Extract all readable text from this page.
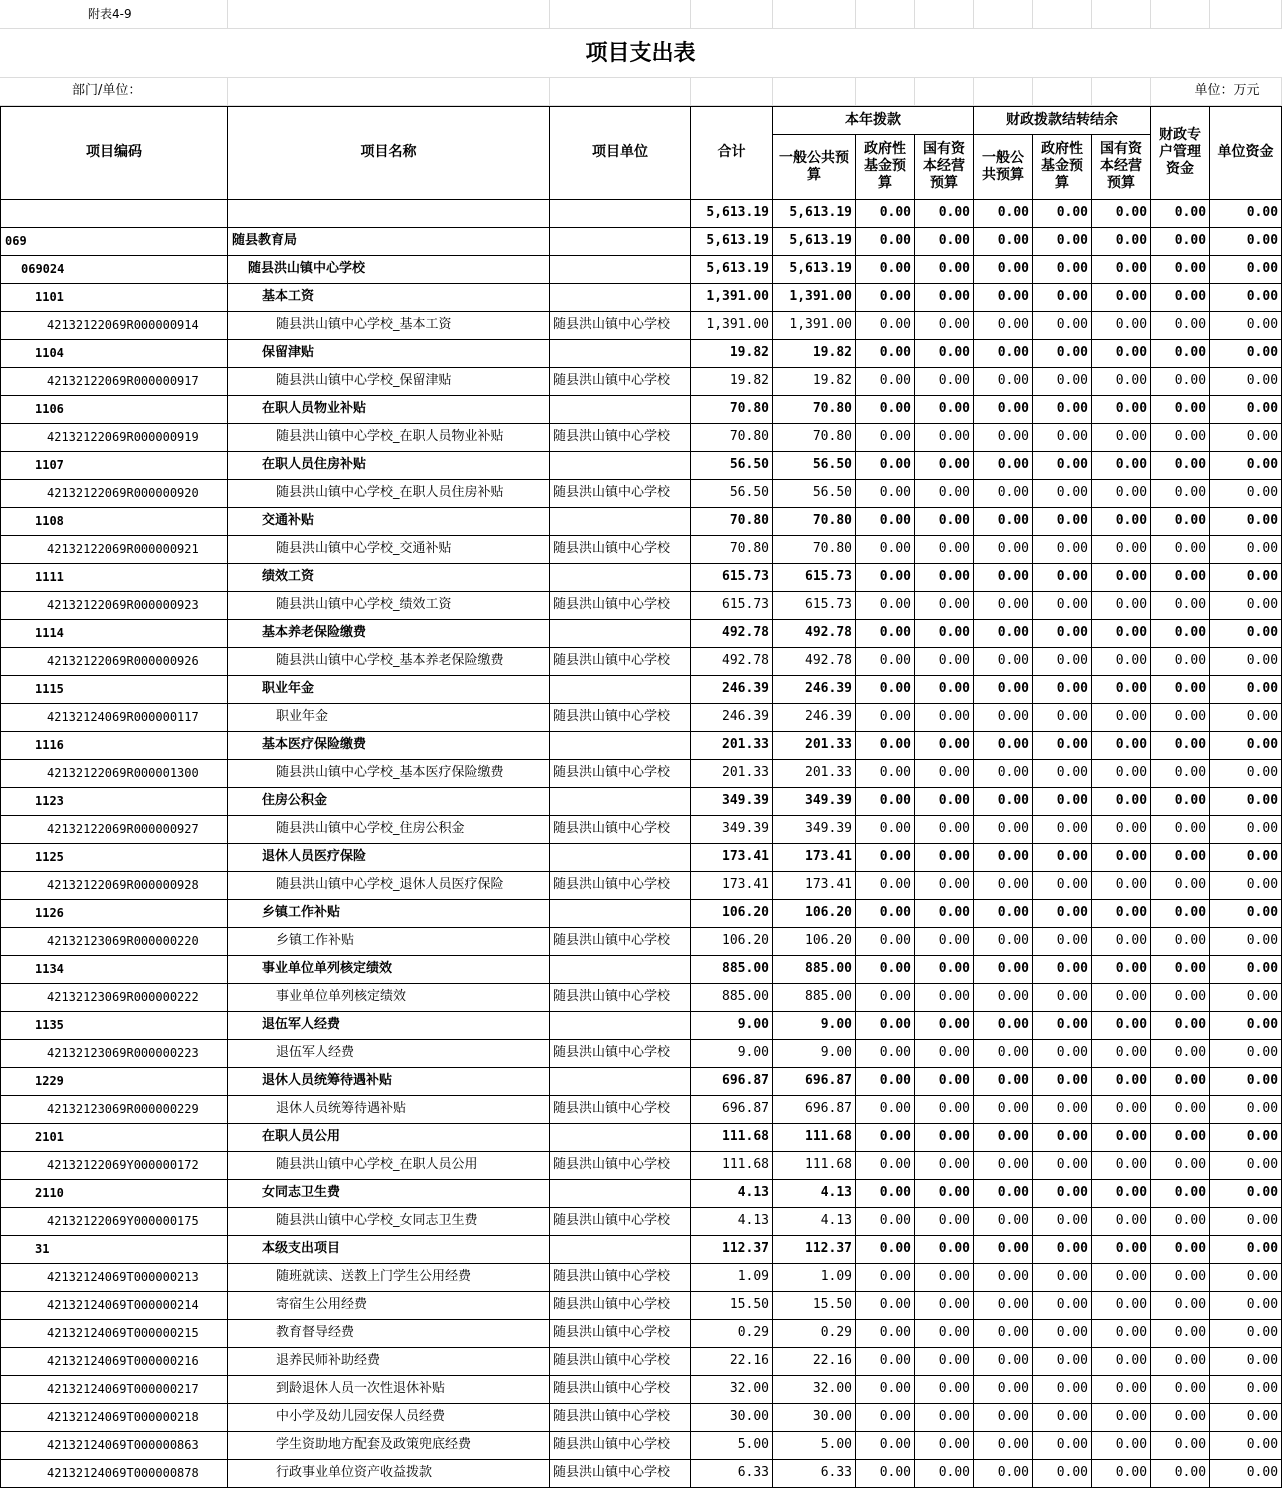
附表4-9											
项目支出表											
部门/单位：										单位：万元	
项目编码	项目名称	项目单位	合计	本年拨款			财政拨款结转结余			财政专户管理资金	单位资金	
				一般公共预算	政府性基金预算	国有资本经营预算	一般公共预算	政府性基金预算	国有资本经营预算			
			5,613.19	5,613.19	0.00	0.00	0.00	0.00	0.00	0.00	0.00	
069	随县教育局		5,613.19	5,613.19	0.00	0.00	0.00	0.00	0.00	0.00	0.00	
069024	随县洪山镇中心学校		5,613.19	5,613.19	0.00	0.00	0.00	0.00	0.00	0.00	0.00	
1101	基本工资		1,391.00	1,391.00	0.00	0.00	0.00	0.00	0.00	0.00	0.00	
42132122069R000000914	随县洪山镇中心学校_基本工资	随县洪山镇中心学校	1,391.00	1,391.00	0.00	0.00	0.00	0.00	0.00	0.00	0.00	
1104	保留津贴		19.82	19.82	0.00	0.00	0.00	0.00	0.00	0.00	0.00	
42132122069R000000917	随县洪山镇中心学校_保留津贴	随县洪山镇中心学校	19.82	19.82	0.00	0.00	0.00	0.00	0.00	0.00	0.00	
1106	在职人员物业补贴		70.80	70.80	0.00	0.00	0.00	0.00	0.00	0.00	0.00	
42132122069R000000919	随县洪山镇中心学校_在职人员物业补贴	随县洪山镇中心学校	70.80	70.80	0.00	0.00	0.00	0.00	0.00	0.00	0.00	
1107	在职人员住房补贴		56.50	56.50	0.00	0.00	0.00	0.00	0.00	0.00	0.00	
42132122069R000000920	随县洪山镇中心学校_在职人员住房补贴	随县洪山镇中心学校	56.50	56.50	0.00	0.00	0.00	0.00	0.00	0.00	0.00	
1108	交通补贴		70.80	70.80	0.00	0.00	0.00	0.00	0.00	0.00	0.00	
42132122069R000000921	随县洪山镇中心学校_交通补贴	随县洪山镇中心学校	70.80	70.80	0.00	0.00	0.00	0.00	0.00	0.00	0.00	
1111	绩效工资		615.73	615.73	0.00	0.00	0.00	0.00	0.00	0.00	0.00	
42132122069R000000923	随县洪山镇中心学校_绩效工资	随县洪山镇中心学校	615.73	615.73	0.00	0.00	0.00	0.00	0.00	0.00	0.00	
1114	基本养老保险缴费		492.78	492.78	0.00	0.00	0.00	0.00	0.00	0.00	0.00	
42132122069R000000926	随县洪山镇中心学校_基本养老保险缴费	随县洪山镇中心学校	492.78	492.78	0.00	0.00	0.00	0.00	0.00	0.00	0.00	
1115	职业年金		246.39	246.39	0.00	0.00	0.00	0.00	0.00	0.00	0.00	
42132124069R000000117	职业年金	随县洪山镇中心学校	246.39	246.39	0.00	0.00	0.00	0.00	0.00	0.00	0.00	
1116	基本医疗保险缴费		201.33	201.33	0.00	0.00	0.00	0.00	0.00	0.00	0.00	
42132122069R000001300	随县洪山镇中心学校_基本医疗保险缴费	随县洪山镇中心学校	201.33	201.33	0.00	0.00	0.00	0.00	0.00	0.00	0.00	
1123	住房公积金		349.39	349.39	0.00	0.00	0.00	0.00	0.00	0.00	0.00	
42132122069R000000927	随县洪山镇中心学校_住房公积金	随县洪山镇中心学校	349.39	349.39	0.00	0.00	0.00	0.00	0.00	0.00	0.00	
1125	退休人员医疗保险		173.41	173.41	0.00	0.00	0.00	0.00	0.00	0.00	0.00	
42132122069R000000928	随县洪山镇中心学校_退休人员医疗保险	随县洪山镇中心学校	173.41	173.41	0.00	0.00	0.00	0.00	0.00	0.00	0.00	
1126	乡镇工作补贴		106.20	106.20	0.00	0.00	0.00	0.00	0.00	0.00	0.00	
42132123069R000000220	乡镇工作补贴	随县洪山镇中心学校	106.20	106.20	0.00	0.00	0.00	0.00	0.00	0.00	0.00	
1134	事业单位单列核定绩效		885.00	885.00	0.00	0.00	0.00	0.00	0.00	0.00	0.00	
42132123069R000000222	事业单位单列核定绩效	随县洪山镇中心学校	885.00	885.00	0.00	0.00	0.00	0.00	0.00	0.00	0.00	
1135	退伍军人经费		9.00	9.00	0.00	0.00	0.00	0.00	0.00	0.00	0.00	
42132123069R000000223	退伍军人经费	随县洪山镇中心学校	9.00	9.00	0.00	0.00	0.00	0.00	0.00	0.00	0.00	
1229	退休人员统筹待遇补贴		696.87	696.87	0.00	0.00	0.00	0.00	0.00	0.00	0.00	
42132123069R000000229	退休人员统筹待遇补贴	随县洪山镇中心学校	696.87	696.87	0.00	0.00	0.00	0.00	0.00	0.00	0.00	
2101	在职人员公用		111.68	111.68	0.00	0.00	0.00	0.00	0.00	0.00	0.00	
42132122069Y000000172	随县洪山镇中心学校_在职人员公用	随县洪山镇中心学校	111.68	111.68	0.00	0.00	0.00	0.00	0.00	0.00	0.00	
2110	女同志卫生费		4.13	4.13	0.00	0.00	0.00	0.00	0.00	0.00	0.00	
42132122069Y000000175	随县洪山镇中心学校_女同志卫生费	随县洪山镇中心学校	4.13	4.13	0.00	0.00	0.00	0.00	0.00	0.00	0.00	
31	本级支出项目		112.37	112.37	0.00	0.00	0.00	0.00	0.00	0.00	0.00	
42132124069T000000213	随班就读、送教上门学生公用经费	随县洪山镇中心学校	1.09	1.09	0.00	0.00	0.00	0.00	0.00	0.00	0.00	
42132124069T000000214	寄宿生公用经费	随县洪山镇中心学校	15.50	15.50	0.00	0.00	0.00	0.00	0.00	0.00	0.00	
42132124069T000000215	教育督导经费	随县洪山镇中心学校	0.29	0.29	0.00	0.00	0.00	0.00	0.00	0.00	0.00	
42132124069T000000216	退养民师补助经费	随县洪山镇中心学校	22.16	22.16	0.00	0.00	0.00	0.00	0.00	0.00	0.00	
42132124069T000000217	到龄退休人员一次性退休补贴	随县洪山镇中心学校	32.00	32.00	0.00	0.00	0.00	0.00	0.00	0.00	0.00	
42132124069T000000218	中小学及幼儿园安保人员经费	随县洪山镇中心学校	30.00	30.00	0.00	0.00	0.00	0.00	0.00	0.00	0.00	
42132124069T000000863	学生资助地方配套及政策兜底经费	随县洪山镇中心学校	5.00	5.00	0.00	0.00	0.00	0.00	0.00	0.00	0.00	
42132124069T000000878	行政事业单位资产收益拨款	随县洪山镇中心学校	6.33	6.33	0.00	0.00	0.00	0.00	0.00	0.00	0.00	
